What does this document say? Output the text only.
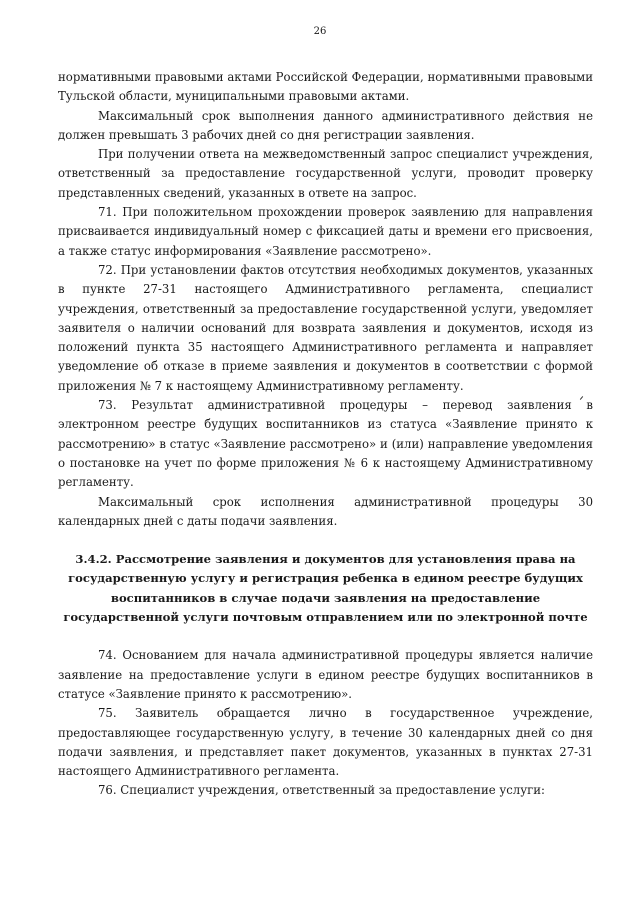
26

нормативными правовыми актами Российской Федерации, нормативными правовыми Тульской области, муниципальными правовыми актами.

Максимальный срок выполнения данного административного действия не должен превышать 3 рабочих дней со дня регистрации заявления.

При получении ответа на межведомственный запрос специалист учреждения, ответственный за предоставление государственной услуги, проводит проверку представленных сведений, указанных в ответе на запрос.

71. При положительном прохождении проверок заявлению для направления присваивается индивидуальный номер с фиксацией даты и времени его присвоения, а также статус информирования «Заявление рассмотрено».

72. При установлении фактов отсутствия необходимых документов, указанных в пункте 27-31 настоящего Административного регламента, специалист учреждения, ответственный за предоставление государственной услуги, уведомляет заявителя о наличии оснований для возврата заявления и документов, исходя из положений пункта 35 настоящего Административного регламента и направляет уведомление об отказе в приеме заявления и документов в соответствии с формой приложения № 7 к настоящему Административному регламенту.

73. Результат административной процедуры – перевод заявления в электронном реестре будущих воспитанников из статуса «Заявление принято к рассмотрению» в статус «Заявление рассмотрено» и (или) направление уведомления о постановке на учет по форме приложения № 6 к настоящему Административному регламенту.

Максимальный срок исполнения административной процедуры 30 календарных дней с даты подачи заявления.

3.4.2. Рассмотрение заявления и документов для установления права на государственную услугу и регистрация ребенка в едином реестре будущих воспитанников в случае подачи заявления на предоставление государственной услуги почтовым отправлением или по электронной почте

74. Основанием для начала административной процедуры является наличие заявление на предоставление услуги в едином реестре будущих воспитанников в статусе «Заявление принято к рассмотрению».

75. Заявитель обращается лично в государственное учреждение, предоставляющее государственную услугу, в течение 30 календарных дней со дня подачи заявления, и представляет пакет документов, указанных в пунктах 27-31 настоящего Административного регламента.

76. Специалист учреждения, ответственный за предоставление услуги:
